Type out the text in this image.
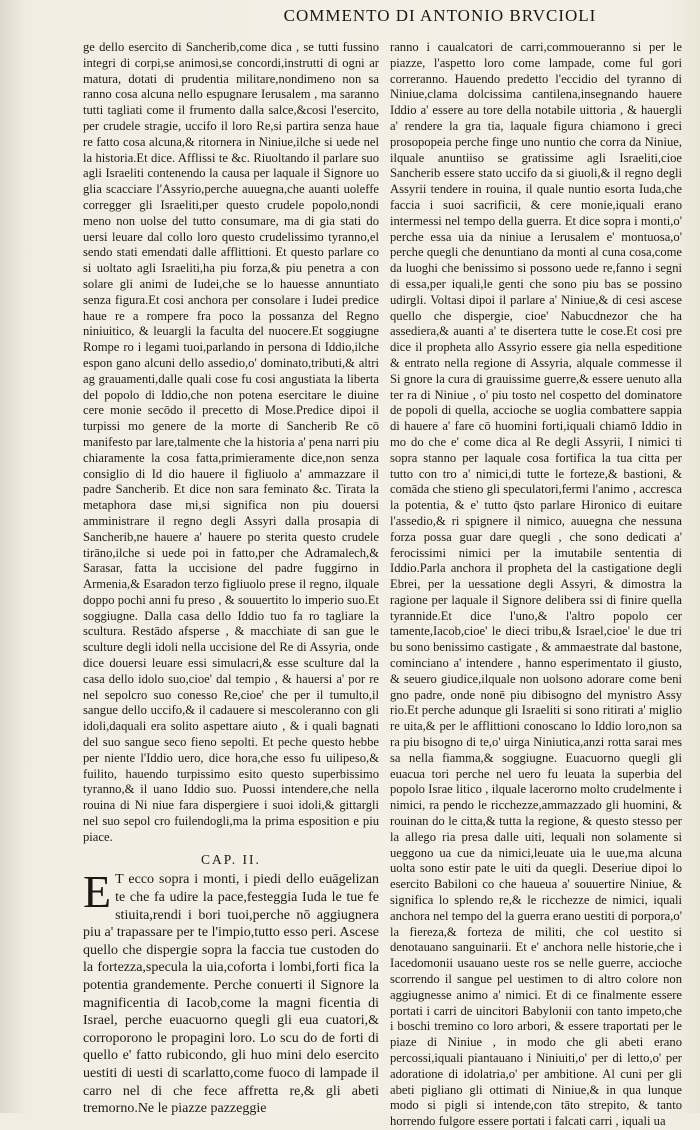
COMMENTO DI ANTONIO BRVCIOLI

ge dello esercito di Sancherib,come dica , se tutti fussino integri di corpi,se animosi,se concordi,instrutti di ogni ar matura, dotati di prudentia militare,nondimeno non sa ranno cosa alcuna nello espugnare Ierusalem , ma saranno tutti tagliati come il frumento dalla salce,&cosi l'esercito, per crudele stragie, uccifo il loro Re,si partira senza haue re fatto cosa alcuna,& ritornera in Niniue,ilche si uede nel la historia.Et dice. Afflissi te &c. Riuoltando il parlare suo agli Israeliti contenendo la causa per laquale il Signore uo glia scacciare l'Assyrio,perche auuegna,che auanti uoleffe corregger gli Israeliti,per questo crudele popolo,nondi meno non uolse del tutto consumare, ma di gia stati do uersi leuare dal collo loro questo crudelissimo tyranno,el sendo stati emendati dalle afflittioni. Et questo parlare co si uoltato agli Israeliti,ha piu forza,& piu penetra a con solare gli animi de Iudei,che se lo hauesse annuntiato senza figura.Et cosi anchora per consolare i Iudei predice haue re a rompere fra poco la possanza del Regno niniuitico, & leuargli la facultа del nuocere.Et soggiugne Rompe ro i legami tuoi,parlando in persona di Iddio,ilche espon gano alcuni dello assedio,o' dominato,tributi,& altri ag grauamenti,dalle quali cose fu cosi angustiata la liberta del popolo di Iddio,che non potena esercitare le diuine cere monie secōdo il precetto di Mose.Predice dipoi il turpissi mo genere de la morte di Sancherib Re cō manifesto par lare,talmente che la historia a' pena narri piu chiaramente la cosa fatta,primieramente dice,non senza consiglio di Id dio hauere il figliuolo a' ammazzare il padre Sancherib. Et dice non sara feminato &c. Tirata la metaphora dase mi,si significa non piu douersi amministrare il regno degli Assyri dalla prosapia di Sancherib,ne hauere a' hauere po sterita questo crudele tirāno,ilche si uede poi in fatto,per che Adramalech,& Sarasar, fatta la uccisione del padre fuggirno in Armenia,& Esaradon terzo figliuolo prese il regno, ilquale doppo pochi anni fu preso , & souuertito lo imperio suo.Et soggiugne. Dalla casa dello Iddio tuo fa ro tagliare la scultura. Restādo afsperse , & macchiate di san gue le sculture degli idoli nella uccisione del Re di Assyria, onde dice douersi leuare essi simulacri,& esse sculture dal la casa dello idolo suo,cioe' dal tempio , & hauersi a' por re nel sepolcro suo conesso Re,cioe' che per il tumulto,il sangue dello uccifo,& il cadauere si mescoleranno con gli idoli,daquali era solito aspettare aiuto , & i quali bagnati del suo sangue seco fieno sepolti. Et peche questo hebbe per niente l'Iddio uero, dice hora,che esso fu uilipeso,& fuilito, hauendo turpissimo esito questo superbissimo tyranno,& il uano Iddio suo. Puossi intendere,che nella rouina di Ni niue fara dispergiere i suoi idoli,& gittargli nel suo sepol cro fuilendogli,ma la prima esposition e piu piace.

CAP. II.

E T ecco sopra i monti, i piedi dello euāgelizan te che fa udire la pace,festeggia Iuda le tue fe stiuita,rendi i bori tuoi,perche nō aggiugnera piu a' trapassare per te l'impio,tutto esso peri. Ascese quello che dispergie sopra la faccia tue custoden do la fortezza,specula la uia,coforta i lombi,forti fica la potentia grandemente. Perche conuerti il Signore la magnificentia di Iacob,come la magni ficentia di Israel, perche euacuorno quegli gli eua cuatori,& corroporono le propagini loro. Lo scu do de forti di quello e' fatto rubicondo, gli huo mini delo esercito uestiti di uesti di scarlatto,come fuoco di lampade il carro nel di che fece affretta re,& gli abeti tremorno.Ne le piazze pazzeggie

ranno i caualcatori de carri,commoueranno si per le piazze, l'aspetto loro come lampade, come ful gori correranno. Hauendo predetto l'eccidio del tyranno di Niniue,clama dolcissima cantilena,insegnando hauere Iddio a' essere au tore della notabile uittoria , & hauergli a' rendere la gra tia, laquale figura chiamono i greci prosopopeia perche finge uno nuntio che corra da Niniue, ilquale anuntiiso se gratissime agli Israeliti,cioe Sancherib essere stato uccifo da si giuoli,& il regno degli Assyrii tendere in rouina, il quale nuntio esorta Iuda,che faccia i suoi sacrificii, & cere monie,iquali erano intermessi nel tempo della guerra. Et dice sopra i monti,o' perche essa uia da niniue a Ierusalem e' montuosa,o' perche quegli che denuntiano da monti al cuna cosa,come da luoghi che benissimo si possono uede re,fanno i segni di essa,per iquali,le genti che sono piu bas se possino udirgli. Voltasi dipoi il parlare a' Niniue,& di cesi ascese quello che dispergie, cioe' Nabucdnezor che ha assediera,& auanti a' te disertera tutte le cose.Et cosi pre dice il propheta allo Assyrio essere gia nella espeditione & entrato nella regione di Assyria, alquale commesse il Si gnore la cura di grauissime guerre,& essere uenuto alla ter ra di Niniue , o' piu tosto nel cospetto del dominatore de popoli di quella, accioche se uoglia combattere sappia di hauere a' fare cō huomini forti,iquali chiamō Iddio in mo do che e' come dica al Re degli Assyrii, I nimici ti sopra stanno per laquale cosa fortifica la tua citta per tutto con tro a' nimici,di tutte le forteze,& bastioni, & comāda che stieno gli speculatori,fermi l'animo , accresca la potentia, & e' tutto q̄sto parlare Hironico di euitare l'assedio,& ri spignere il nimico, auuegna che nessuna forza possa guar dare quegli , che sono dedicati a' ferocissimi nimici per la imutabile sententia di Iddio.Parla anchora il propheta del la castigatione degli Ebrei, per la uessatione degli Assyri, & dimostra la ragione per laquale il Signore delibera ssi di finire quella tyrannide.Et dice l'uno,& l'altro popolo cer tamente,Iacob,cioe' le dieci tribu,& Israel,cioe' le due tri bu sono benissimo castigate , & ammaestrate dal bastone, cominciano a' intendere , hanno esperimentato il giusto, & seuero giudice,ilquale non uolsono adorare come beni gno padre, onde nonē piu dibisogno del mynistro Assy rio.Et perche adunque gli Israeliti si sono ritirati a' miglio re uita,& per le afflittioni conoscano lo Iddio loro,non sa ra piu bisogno di te,o' uirga Niniutica,anzi rotta sarai mes sa nella fiamma,& soggiugne. Euacuorno quegli gli euacua tori perche nel uero fu leuata la superbia del popolo Israe litico , ilquale lacerorno molto crudelmente i nimici, ra pendo le ricchezze,ammazzado gli huomini, & rouinan do le citta,& tutta la regione, & questo stesso per la allego ria presa dalle uiti, lequali non solamente si ueggono ua cue da nimici,leuate uia le uue,ma alcuna uolta sono estir pate le uiti da quegli. Deseriue dipoi lo esercito Babiloni co che haueua a' souuertire Niniue, & significa lo splendo re,& le ricchezze de nimici, iquali anchora nel tempo del la guerra erano uestiti di porpora,o' la fiereza,& forteza de militi, che col uestito si denotauano sanguinarii. Et e' anchora nelle historie,che i Iacedomonii usauano ueste ros se nelle guerre, accioche scorrendo il sangue pel uestimen to di altro colore non aggiugnesse animo a' nimici. Et di ce finalmente essere portati i carri de uincitori Babylonii con tanto impeto,che i boschi tremino co loro arbori, & essere traportati per le piaze di Niniue , in modo che gli abeti erano percossi,iquali piantauano i Niniuiti,o' per di letto,o' per adoratione di idolatria,o' per ambitione. Al cuni per gli abeti pigliano gli ottimati di Niniue,& in qua lunque modo si pigli si intende,con tāto strepito, & tanto horrendo fulgore essere portati i falcati carri , iquali ua
